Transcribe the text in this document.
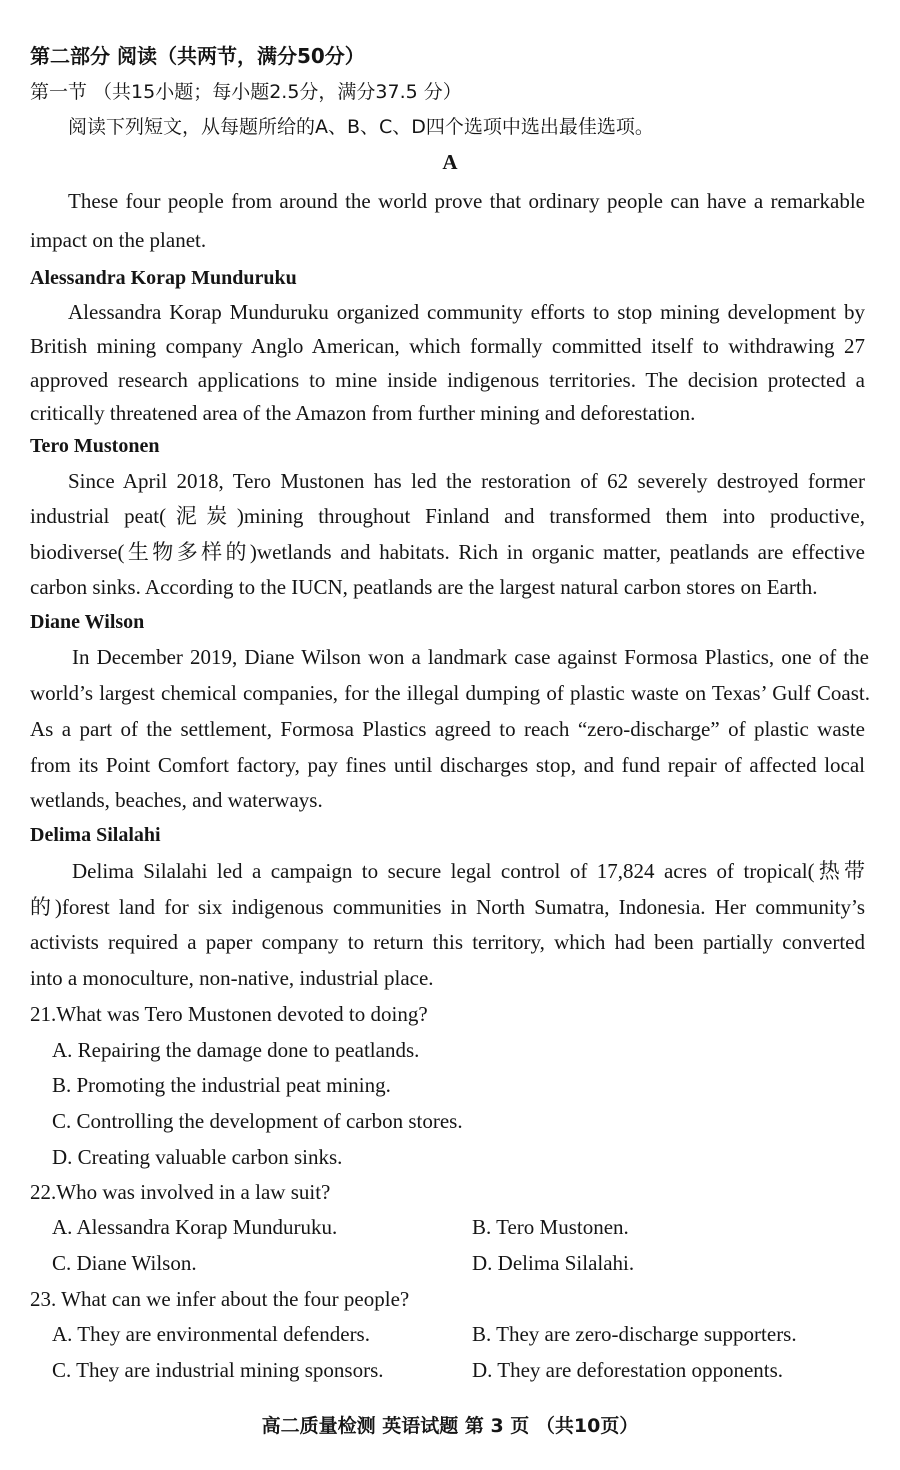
第二部分 阅读（共两节，满分50分）
第一节 （共15小题；每小题2.5分，满分37.5 分）
阅读下列短文，从每题所给的A、B、C、D四个选项中选出最佳选项。
A
These four people from around the world prove that ordinary people can have a remarkable
impact on the planet.
Alessandra Korap Munduruku
Alessandra Korap Munduruku organized community efforts to stop mining development by
British mining company Anglo American, which formally committed itself to withdrawing 27
approved research applications to mine inside indigenous territories. The decision protected a
critically threatened area of the Amazon from further mining and deforestation.
Tero Mustonen
Since April 2018, Tero Mustonen has led the restoration of 62 severely destroyed former
industrial peat(泥炭)mining throughout Finland and transformed them into productive,
biodiverse(生物多样的)wetlands and habitats. Rich in organic matter, peatlands are effective
carbon sinks. According to the IUCN, peatlands are the largest natural carbon stores on Earth.
Diane Wilson
In December 2019, Diane Wilson won a landmark case against Formosa Plastics, one of the
world’s largest chemical companies, for the illegal dumping of plastic waste on Texas’ Gulf Coast.
As a part of the settlement, Formosa Plastics agreed to reach “zero-discharge” of plastic waste
from its Point Comfort factory, pay fines until discharges stop, and fund repair of affected local
wetlands, beaches, and waterways.
Delima Silalahi
Delima Silalahi led a campaign to secure legal control of 17,824 acres of tropical(热带
的)forest land for six indigenous communities in North Sumatra, Indonesia. Her community’s
activists required a paper company to return this territory, which had been partially converted
into a monoculture, non-native, industrial place.
21.What was Tero Mustonen devoted to doing?
A. Repairing the damage done to peatlands.
B. Promoting the industrial peat mining.
C. Controlling the development of carbon stores.
D. Creating valuable carbon sinks.
22.Who was involved in a law suit?
A. Alessandra Korap Munduruku.	B. Tero Mustonen.
C. Diane Wilson.	D. Delima Silalahi.
23. What can we infer about the four people?
A. They are environmental defenders.	B. They are zero-discharge supporters.
C. They are industrial mining sponsors.	D. They are deforestation opponents.
高二质量检测 英语试题 第 3 页 （共10页）
